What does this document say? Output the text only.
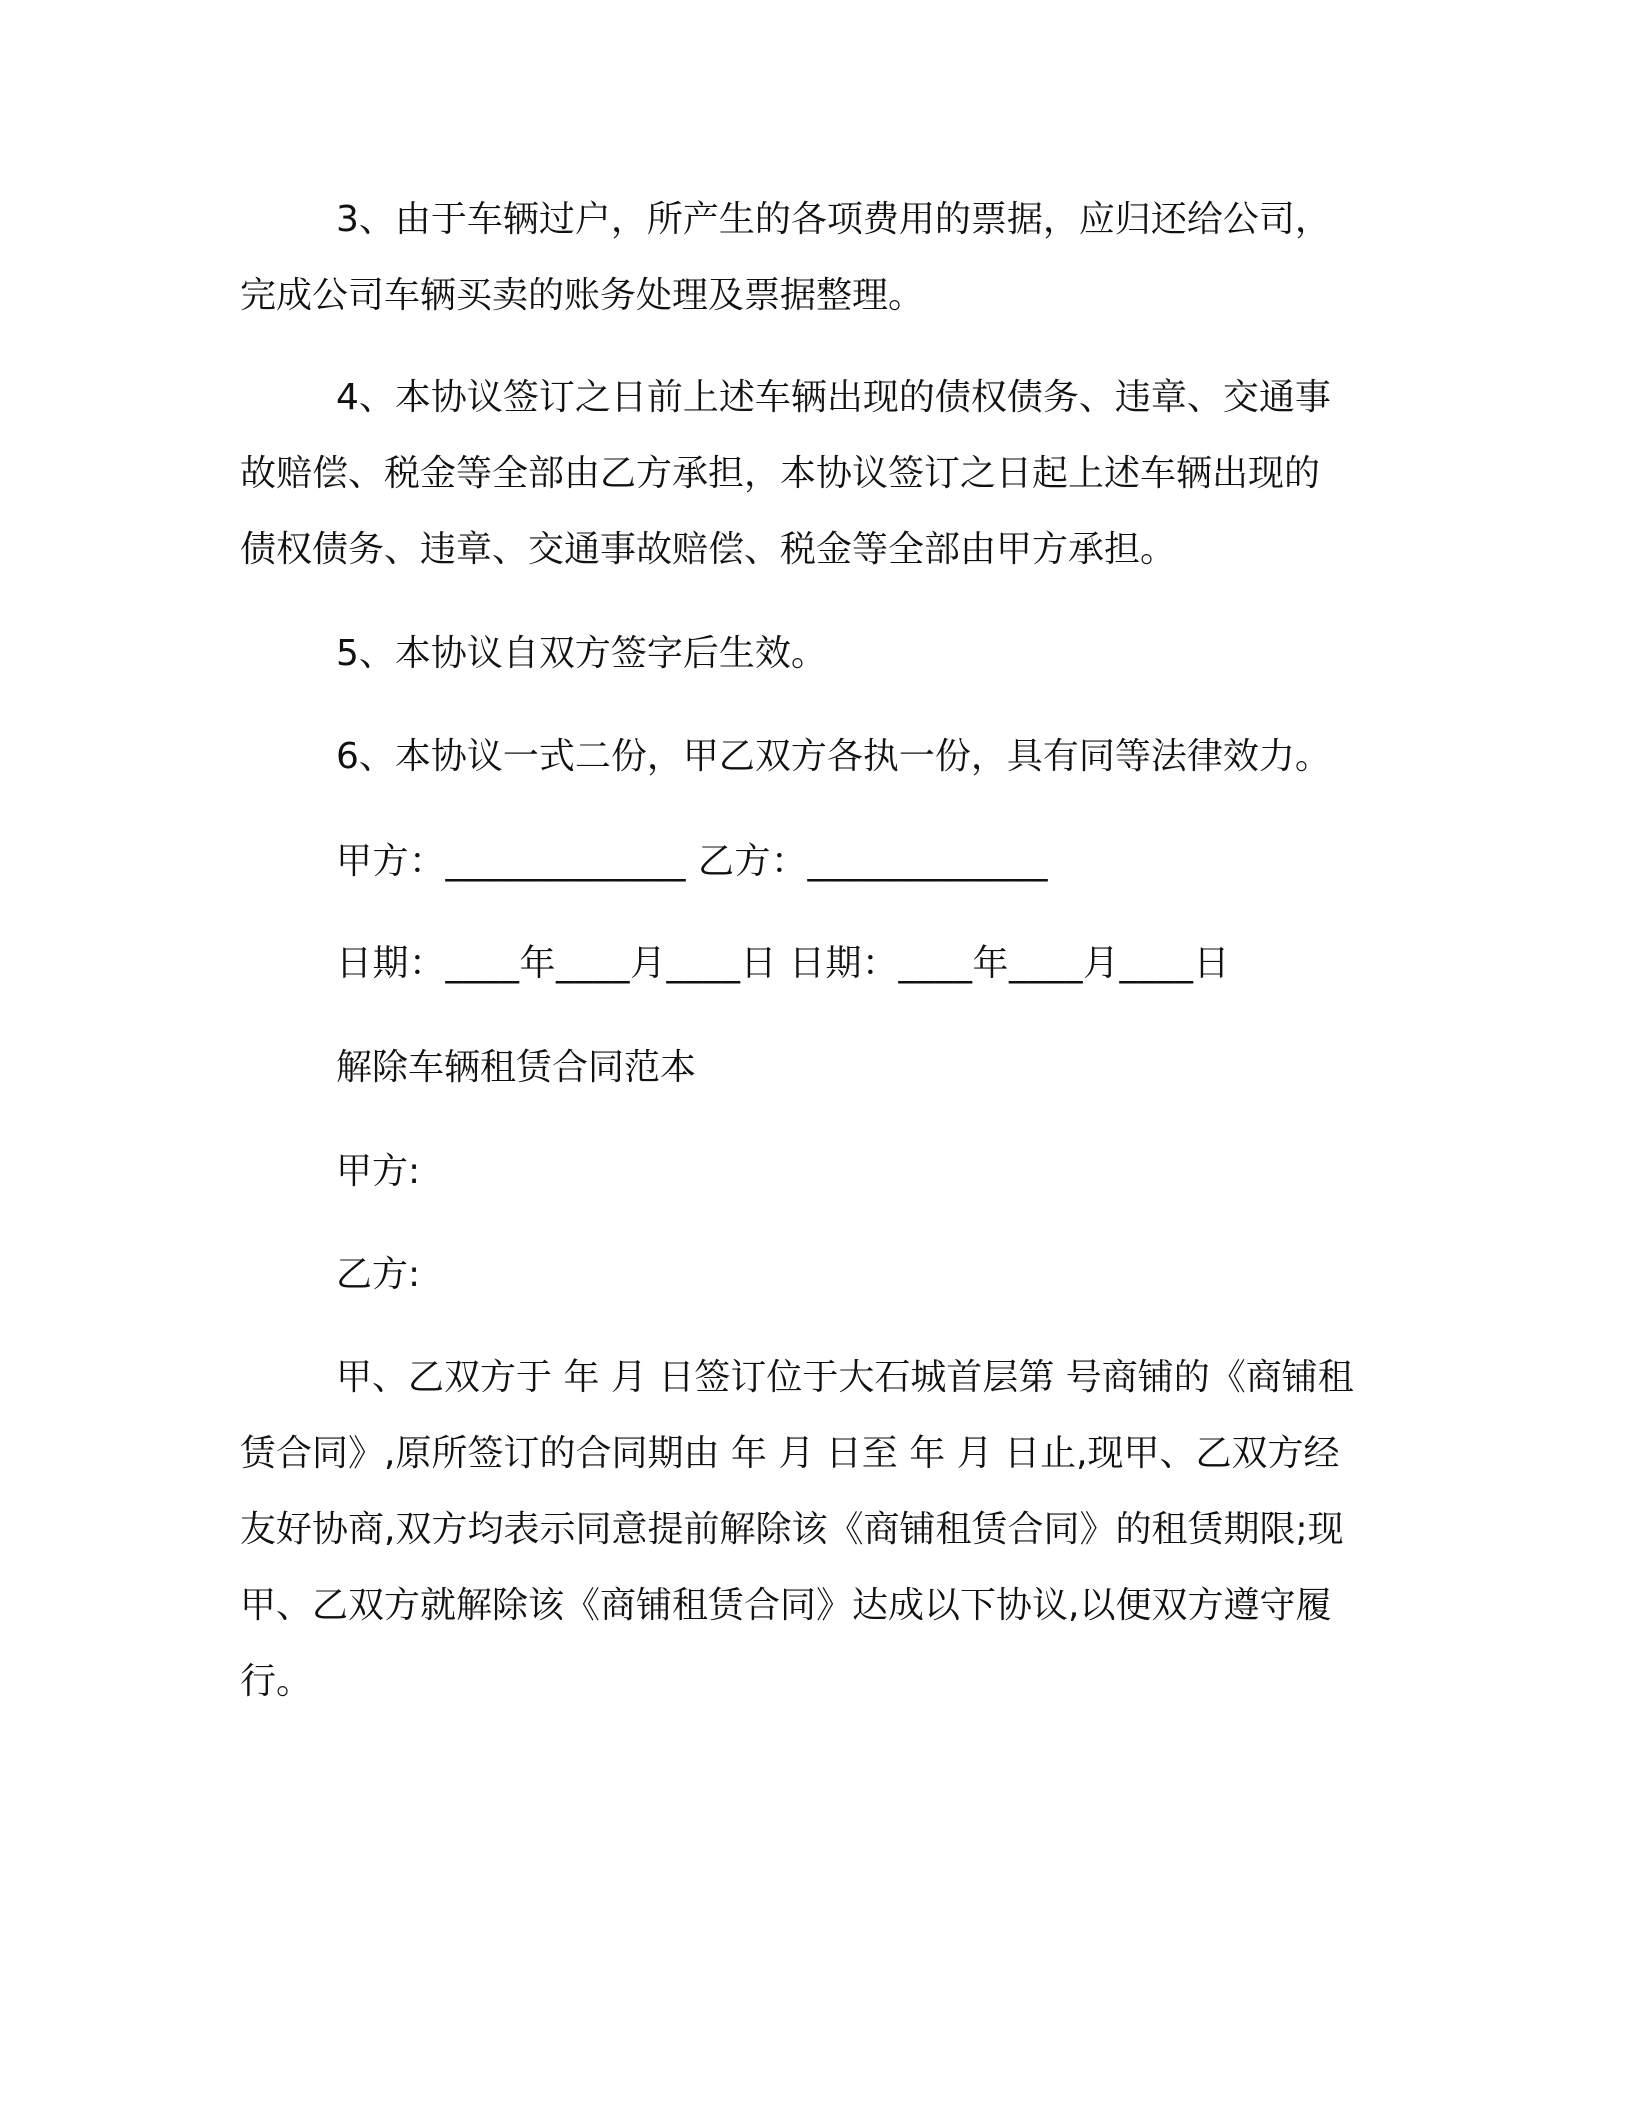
3、由于车辆过户，所产生的各项费用的票据，应归还给公司，
完成公司车辆买卖的账务处理及票据整理。
4、本协议签订之日前上述车辆出现的债权债务、违章、交通事
故赔偿、税金等全部由乙方承担，本协议签订之日起上述车辆出现的
债权债务、违章、交通事故赔偿、税金等全部由甲方承担。
5、本协议自双方签字后生效。
6、本协议一式二份，甲乙双方各执一份，具有同等法律效力。
甲方：_____________ 乙方：_____________
日期：____年____月____日 日期：____年____月____日
解除车辆租赁合同范本
甲方:
乙方:
甲、乙双方于 年 月 日签订位于大石城首层第 号商铺的《商铺租
赁合同》,原所签订的合同期由 年 月 日至 年 月 日止,现甲、乙双方经
友好协商,双方均表示同意提前解除该《商铺租赁合同》的租赁期限;现
甲、乙双方就解除该《商铺租赁合同》达成以下协议,以便双方遵守履
行。
